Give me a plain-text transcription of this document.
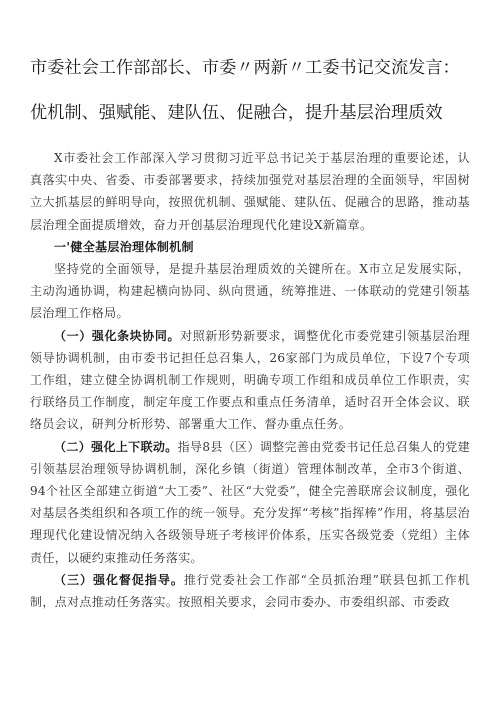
市委社会工作部部长、市委〃两新〃工委书记交流发言：
优机制、强赋能、建队伍、促融合，提升基层治理质效

X市委社会工作部深入学习贯彻习近平总书记关于基层治理的重要论述，认真落实中央、省委、市委部署要求，持续加强党对基层治理的全面领导，牢固树立大抓基层的鲜明导向，按照优机制、强赋能、建队伍、促融合的思路，推动基层治理全面提质增效，奋力开创基层治理现代化建设X新篇章。

一'健全基层治理体制机制

坚持党的全面领导，是提升基层治理质效的关键所在。X市立足发展实际，主动沟通协调，构建起横向协同、纵向贯通，统筹推进、一体联动的党建引领基层治理工作格局。

（一）强化条块协同。对照新形势新要求，调整优化市委党建引领基层治理领导协调机制，由市委书记担任总召集人，26家部门为成员单位，下设7个专项工作组，建立健全协调机制工作规则，明确专项工作组和成员单位工作职责，实行联络员工作制度，制定年度工作要点和重点任务清单，适时召开全体会议、联络员会议，研判分析形势、部署重大工作、督办重点任务。

（二）强化上下联动。指导8县（区）调整完善由党委书记任总召集人的党建引领基层治理领导协调机制，深化乡镇（街道）管理体制改革，全市3个街道、94个社区全部建立街道“大工委”、社区“大党委”，健全完善联席会议制度，强化对基层各类组织和各项工作的统一领导。充分发挥“考核”指挥棒”作用，将基层治理现代化建设情况纳入各级领导班子考核评价体系，压实各级党委（党组）主体责任，以硬约束推动任务落实。

（三）强化督促指导。推行党委社会工作部“全员抓治理”联县包抓工作机制，点对点推动任务落实。按照相关要求，会同市委办、市委组织部、市委政
